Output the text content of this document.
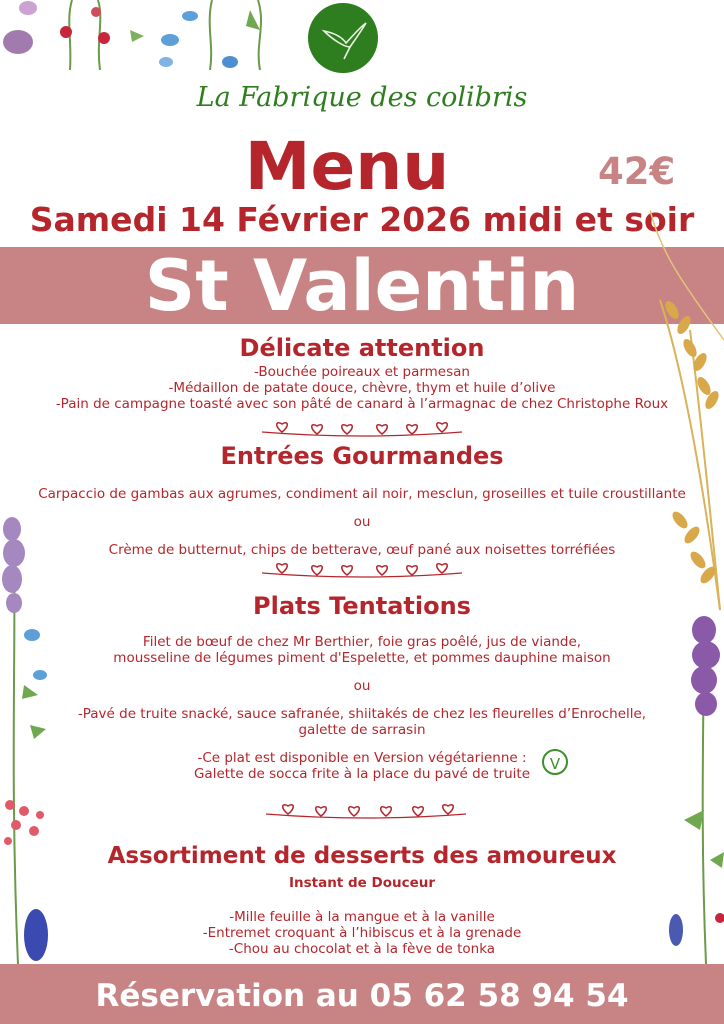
La Fabrique des colibris
Menu	42€
Samedi 14 Février 2026 midi et soir
St Valentin
Délicate attention
-Bouchée poireaux et parmesan
-Médaillon de patate douce, chèvre, thym et huile d’olive
-Pain de campagne toasté avec son pâté de canard à l’armagnac de chez Christophe Roux
Entrées Gourmandes
Carpaccio de gambas aux agrumes, condiment ail noir, mesclun, groseilles et tuile croustillante
ou
Crème de butternut, chips de betterave, œuf pané aux noisettes torréfiées
Plats Tentations
Filet de bœuf de chez Mr Berthier, foie gras poêlé, jus de viande,
mousseline de légumes piment d'Espelette, et pommes dauphine maison
ou
-Pavé de truite snacké, sauce safranée, shiitakés de chez les fleurelles d’Enrochelle,
galette de sarrasin
-Ce plat est disponible en Version végétarienne :
Galette de socca frite à la place du pavé de truite
V
Assortiment de desserts des amoureux
Instant de Douceur
-Mille feuille à la mangue et à la vanille
-Entremet croquant à l’hibiscus et à la grenade
-Chou au chocolat et à la fève de tonka
Réservation au 05 62 58 94 54
